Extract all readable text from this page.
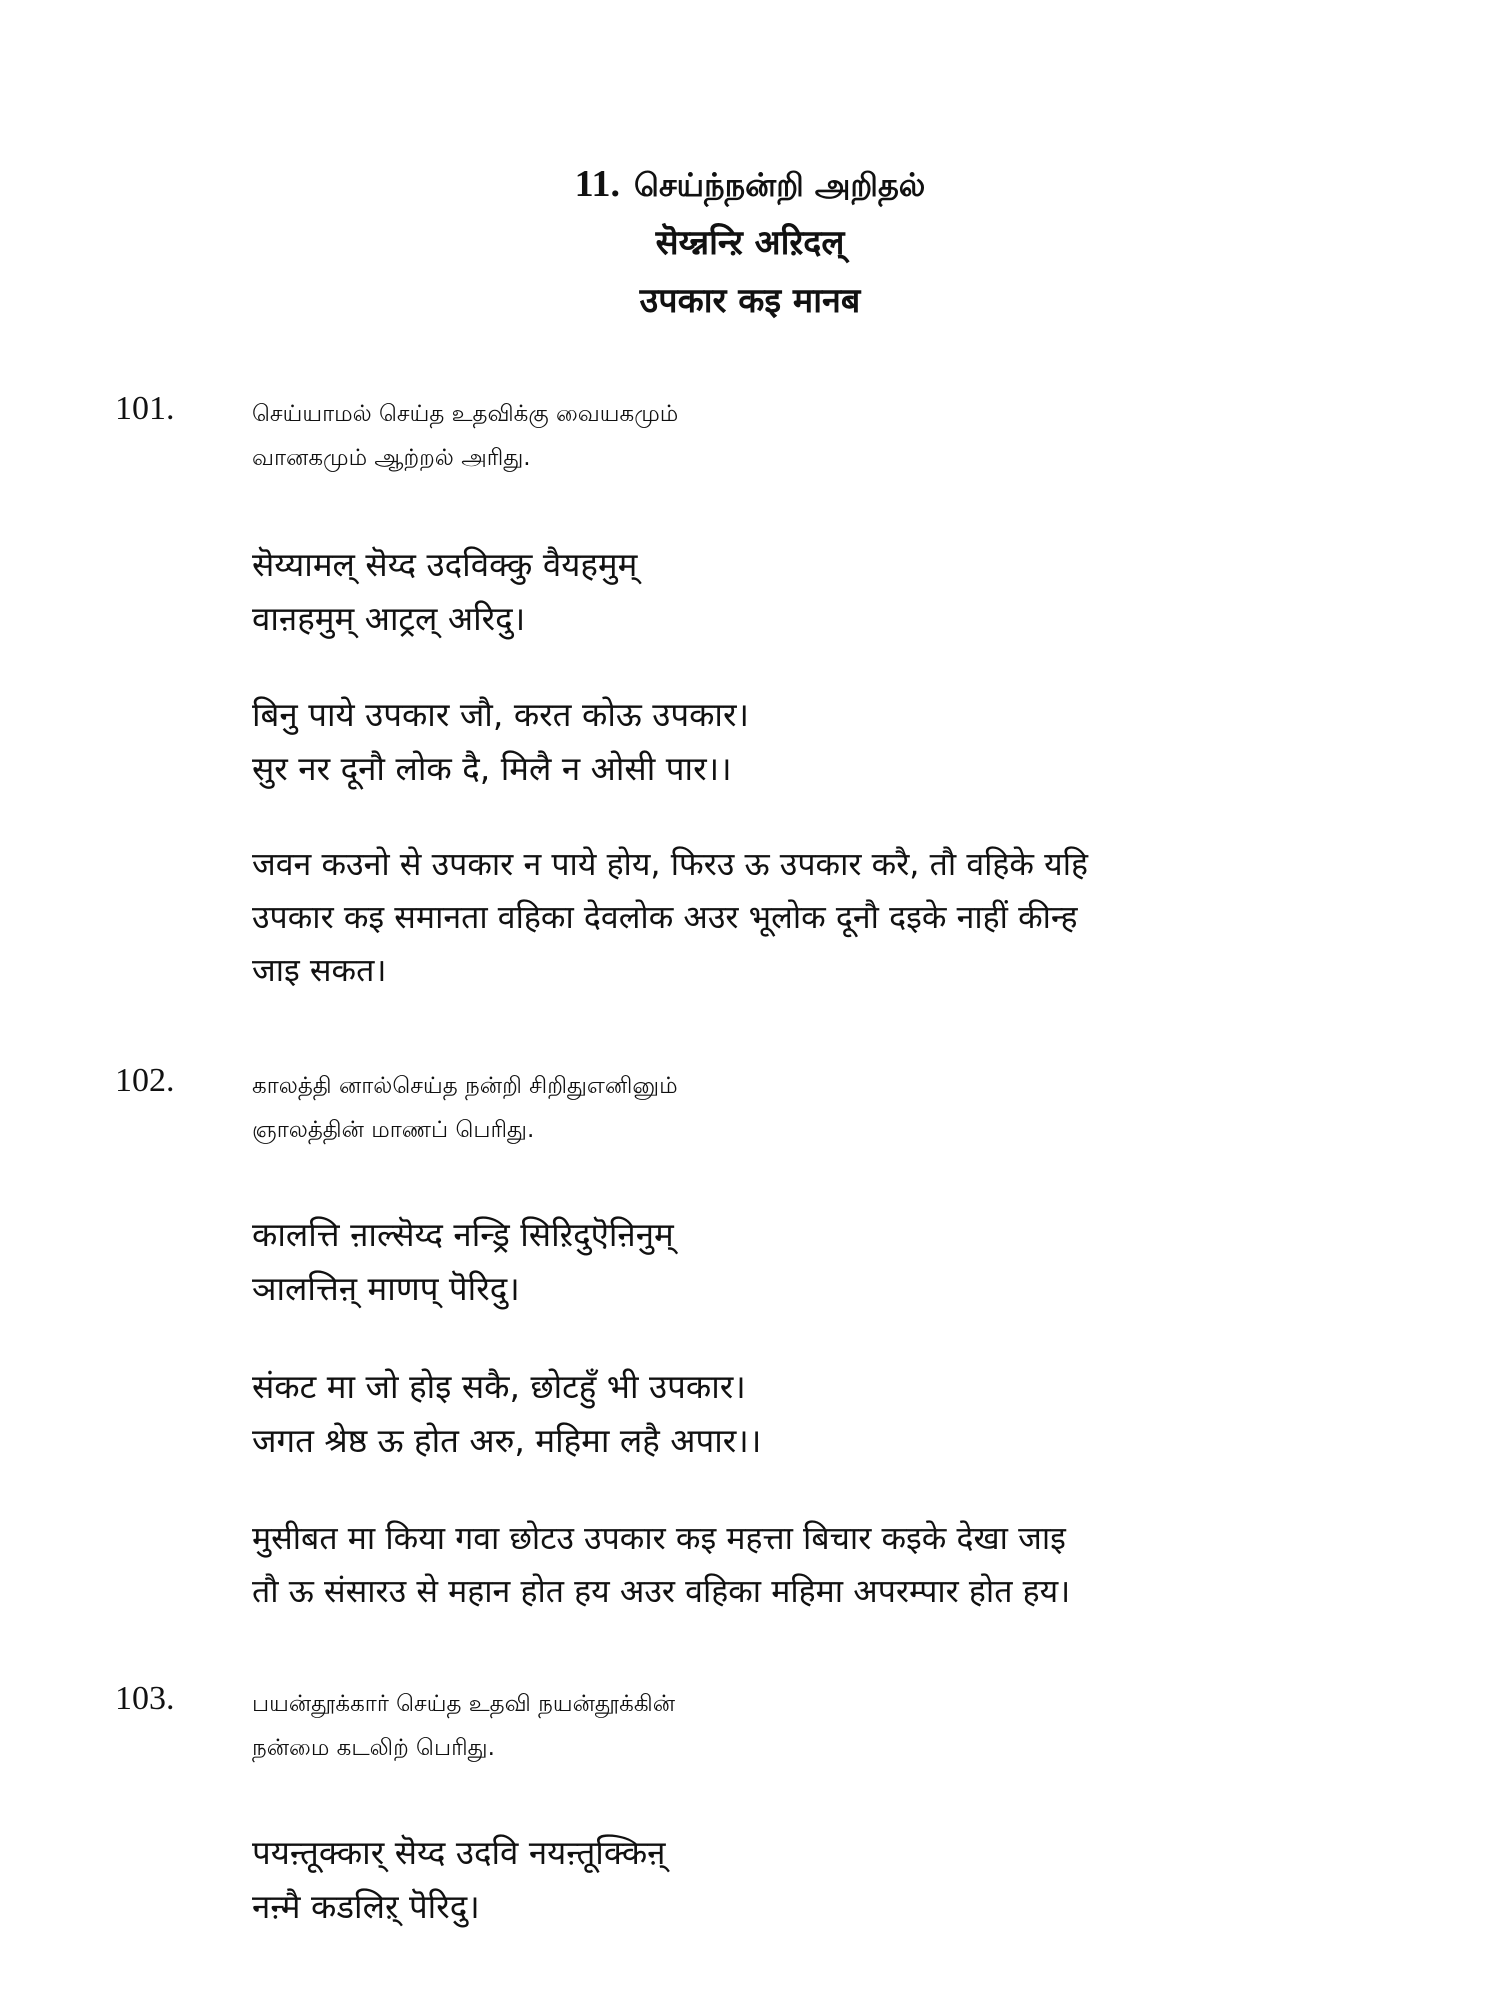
11. செய்ந்நன்றி அறிதல்
सॆय्न्नन्ऱि अऱिदल्
उपकार कइ मानब
101.	செய்யாமல் செய்த உதவிக்கு வையகமும்
வானகமும் ஆற்றல் அரிது.
सॆय्यामल् सॆय्द उदविक्कु वैयहमुम्
वाऩहमुम् आट्रल् अरिदु।
बिनु पाये उपकार जौ, करत कोऊ उपकार।
सुर नर दूनौ लोक दै, मिलै न ओसी पार।।
जवन कउनो से उपकार न पाये होय, फिरउ ऊ उपकार करै, तौ वहिके यहि
उपकार कइ समानता वहिका देवलोक अउर भूलोक दूनौ दइके नाहीं कीन्ह
जाइ सकत।
102.	காலத்தி னால்செய்த நன்றி சிறிதுஎனினும்
ஞாலத்தின் மாணப் பெரிது.
कालत्ति ऩाल्सॆय्द नन्ड्रि सिऱिदुऎऩिनुम्
ञालत्तिऩ् माणप् पॆरिदु।
संकट मा जो होइ सकै, छोटहुँ भी उपकार।
जगत श्रेष्ठ ऊ होत अरु, महिमा लहै अपार।।
मुसीबत मा किया गवा छोटउ उपकार कइ महत्ता बिचार कइके देखा जाइ
तौ ऊ संसारउ से महान होत हय अउर वहिका महिमा अपरम्पार होत हय।
103.	பயன்தூக்கார் செய்த உதவி நயன்தூக்கின்
நன்மை கடலிற் பெரிது.
पयऩ्तूक्कार् सॆय्द उदवि नयऩ्तूक्किऩ्
नऩ्मै कडलिऱ् पॆरिदु।
